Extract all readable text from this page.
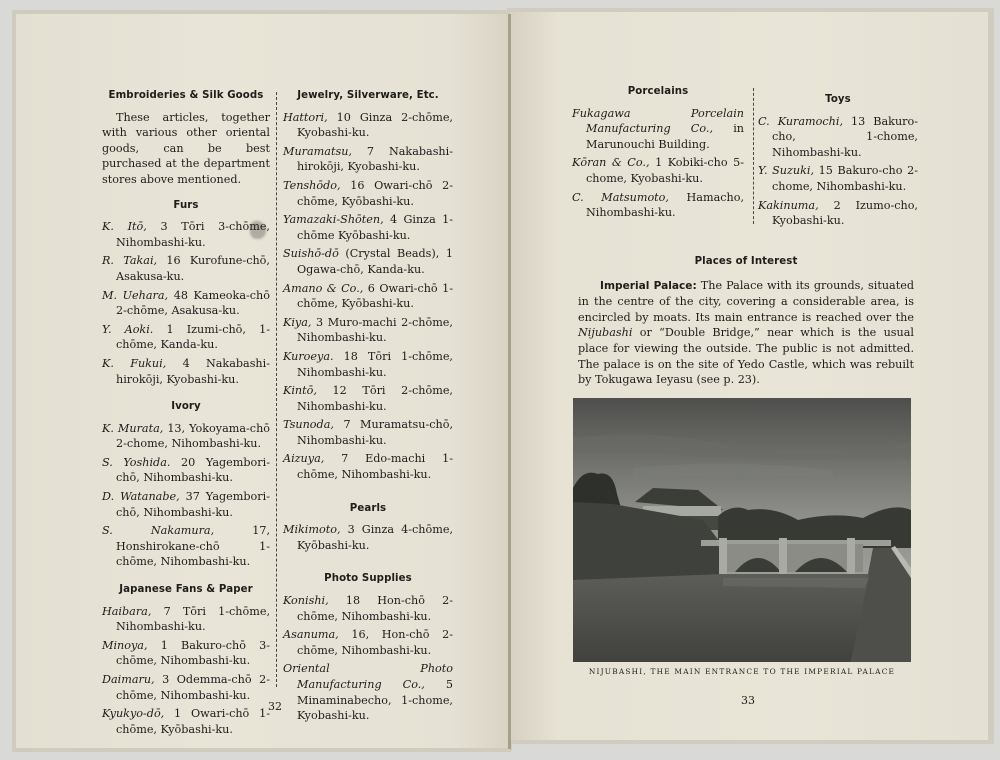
Embroideries & Silk Goods

These articles, together with various other oriental goods, can be best purchased at the department stores above mentioned.

Furs
K. Itō, 3 Tōri 3-chōme, Nihombashi-ku.
R. Takai, 16 Kurofune-chō, Asakusa-ku.
M. Uehara, 48 Kameoka-chō 2-chōme, Asakusa-ku.
Y. Aoki. 1 Izumi-chō, 1-chōme, Kanda-ku.
K. Fukui, 4 Nakabashi-hirokōji, Kyobashi-ku.
Ivory
K. Murata, 13, Yokoyama-chō 2-chome, Nihombashi-ku.
S. Yoshida. 20 Yagembori-chō, Nihombashi-ku.
D. Watanabe, 37 Yagembori-chō, Nihombashi-ku.
S. Nakamura,	17, Honshirokane-chō 1-chōme, Nihombashi-ku.
Japanese Fans & Paper
Haibara, 7 Tōri 1-chōme, Nihombashi-ku.
Minoya, 1 Bakuro-chō 3-chōme, Nihombashi-ku.
Daimaru, 3 Odemma-chō 2-chōme, Nihombashi-ku.
Kyukyo-dō, 1 Owari-chō 1-chōme, Kyōbashi-ku.
Jewelry, Silverware, Etc.
Hattori, 10 Ginza 2-chōme, Kyobashi-ku.
Muramatsu, 7 Nakabashi-hirokōji, Kyobashi-ku.
Tenshōdo, 16 Owari-chō 2-chōme, Kyōbashi-ku.
Yamazaki-Shōten, 4 Ginza 1-chōme Kyōbashi-ku.
Suishō-dō (Crystal Beads), 1 Ogawa-chō, Kanda-ku.
Amano & Co., 6 Owari-chō 1-chōme, Kyōbashi-ku.
Kiya, 3 Muro-machi 2-chōme, Nihombashi-ku.
Kuroeya. 18 Tōri 1-chōme, Nihombashi-ku.
Kintō, 12 Tōri 2-chōme, Nihombashi-ku.
Tsunoda, 7 Muramatsu-chō, Nihombashi-ku.
Aizuya, 7 Edo-machi 1-chōme, Nihombashi-ku.
Pearls
Mikimoto, 3 Ginza 4-chōme, Kyōbashi-ku.
Photo Supplies
Konishi, 18 Hon-chō 2-chōme, Nihombashi-ku.
Asanuma, 16, Hon-chō 2-chōme, Nihombashi-ku.
Oriental Photo Manufacturing Co., 5 Minaminabecho, 1-chome, Kyobashi-ku.
32
Porcelains
Fukagawa Porcelain Manufacturing Co., in Marunouchi Building.
Kōran & Co., 1 Kobiki-cho 5-chome, Kyobashi-ku.
C. Matsumoto, Hamacho, Nihombashi-ku.
Toys
C. Kuramochi, 13 Bakuro-cho, 1-chome, Nihombashi-ku.
Y. Suzuki, 15 Bakuro-cho 2-chome, Nihombashi-ku.
Kakinuma, 2 Izumo-cho, Kyobashi-ku.
Places of Interest

Imperial Palace: The Palace with its grounds, situated in the centre of the city, covering a considerable area, is encircled by moats. Its main entrance is reached over the Nijubashi or “Double Bridge,” near which is the usual place for viewing the outside. The public is not admitted. The palace is on the site of Yedo Castle, which was rebuilt by Tokugawa Ieyasu (see p. 23).

NIJUBASHI, THE MAIN ENTRANCE TO THE IMPERIAL PALACE
33
